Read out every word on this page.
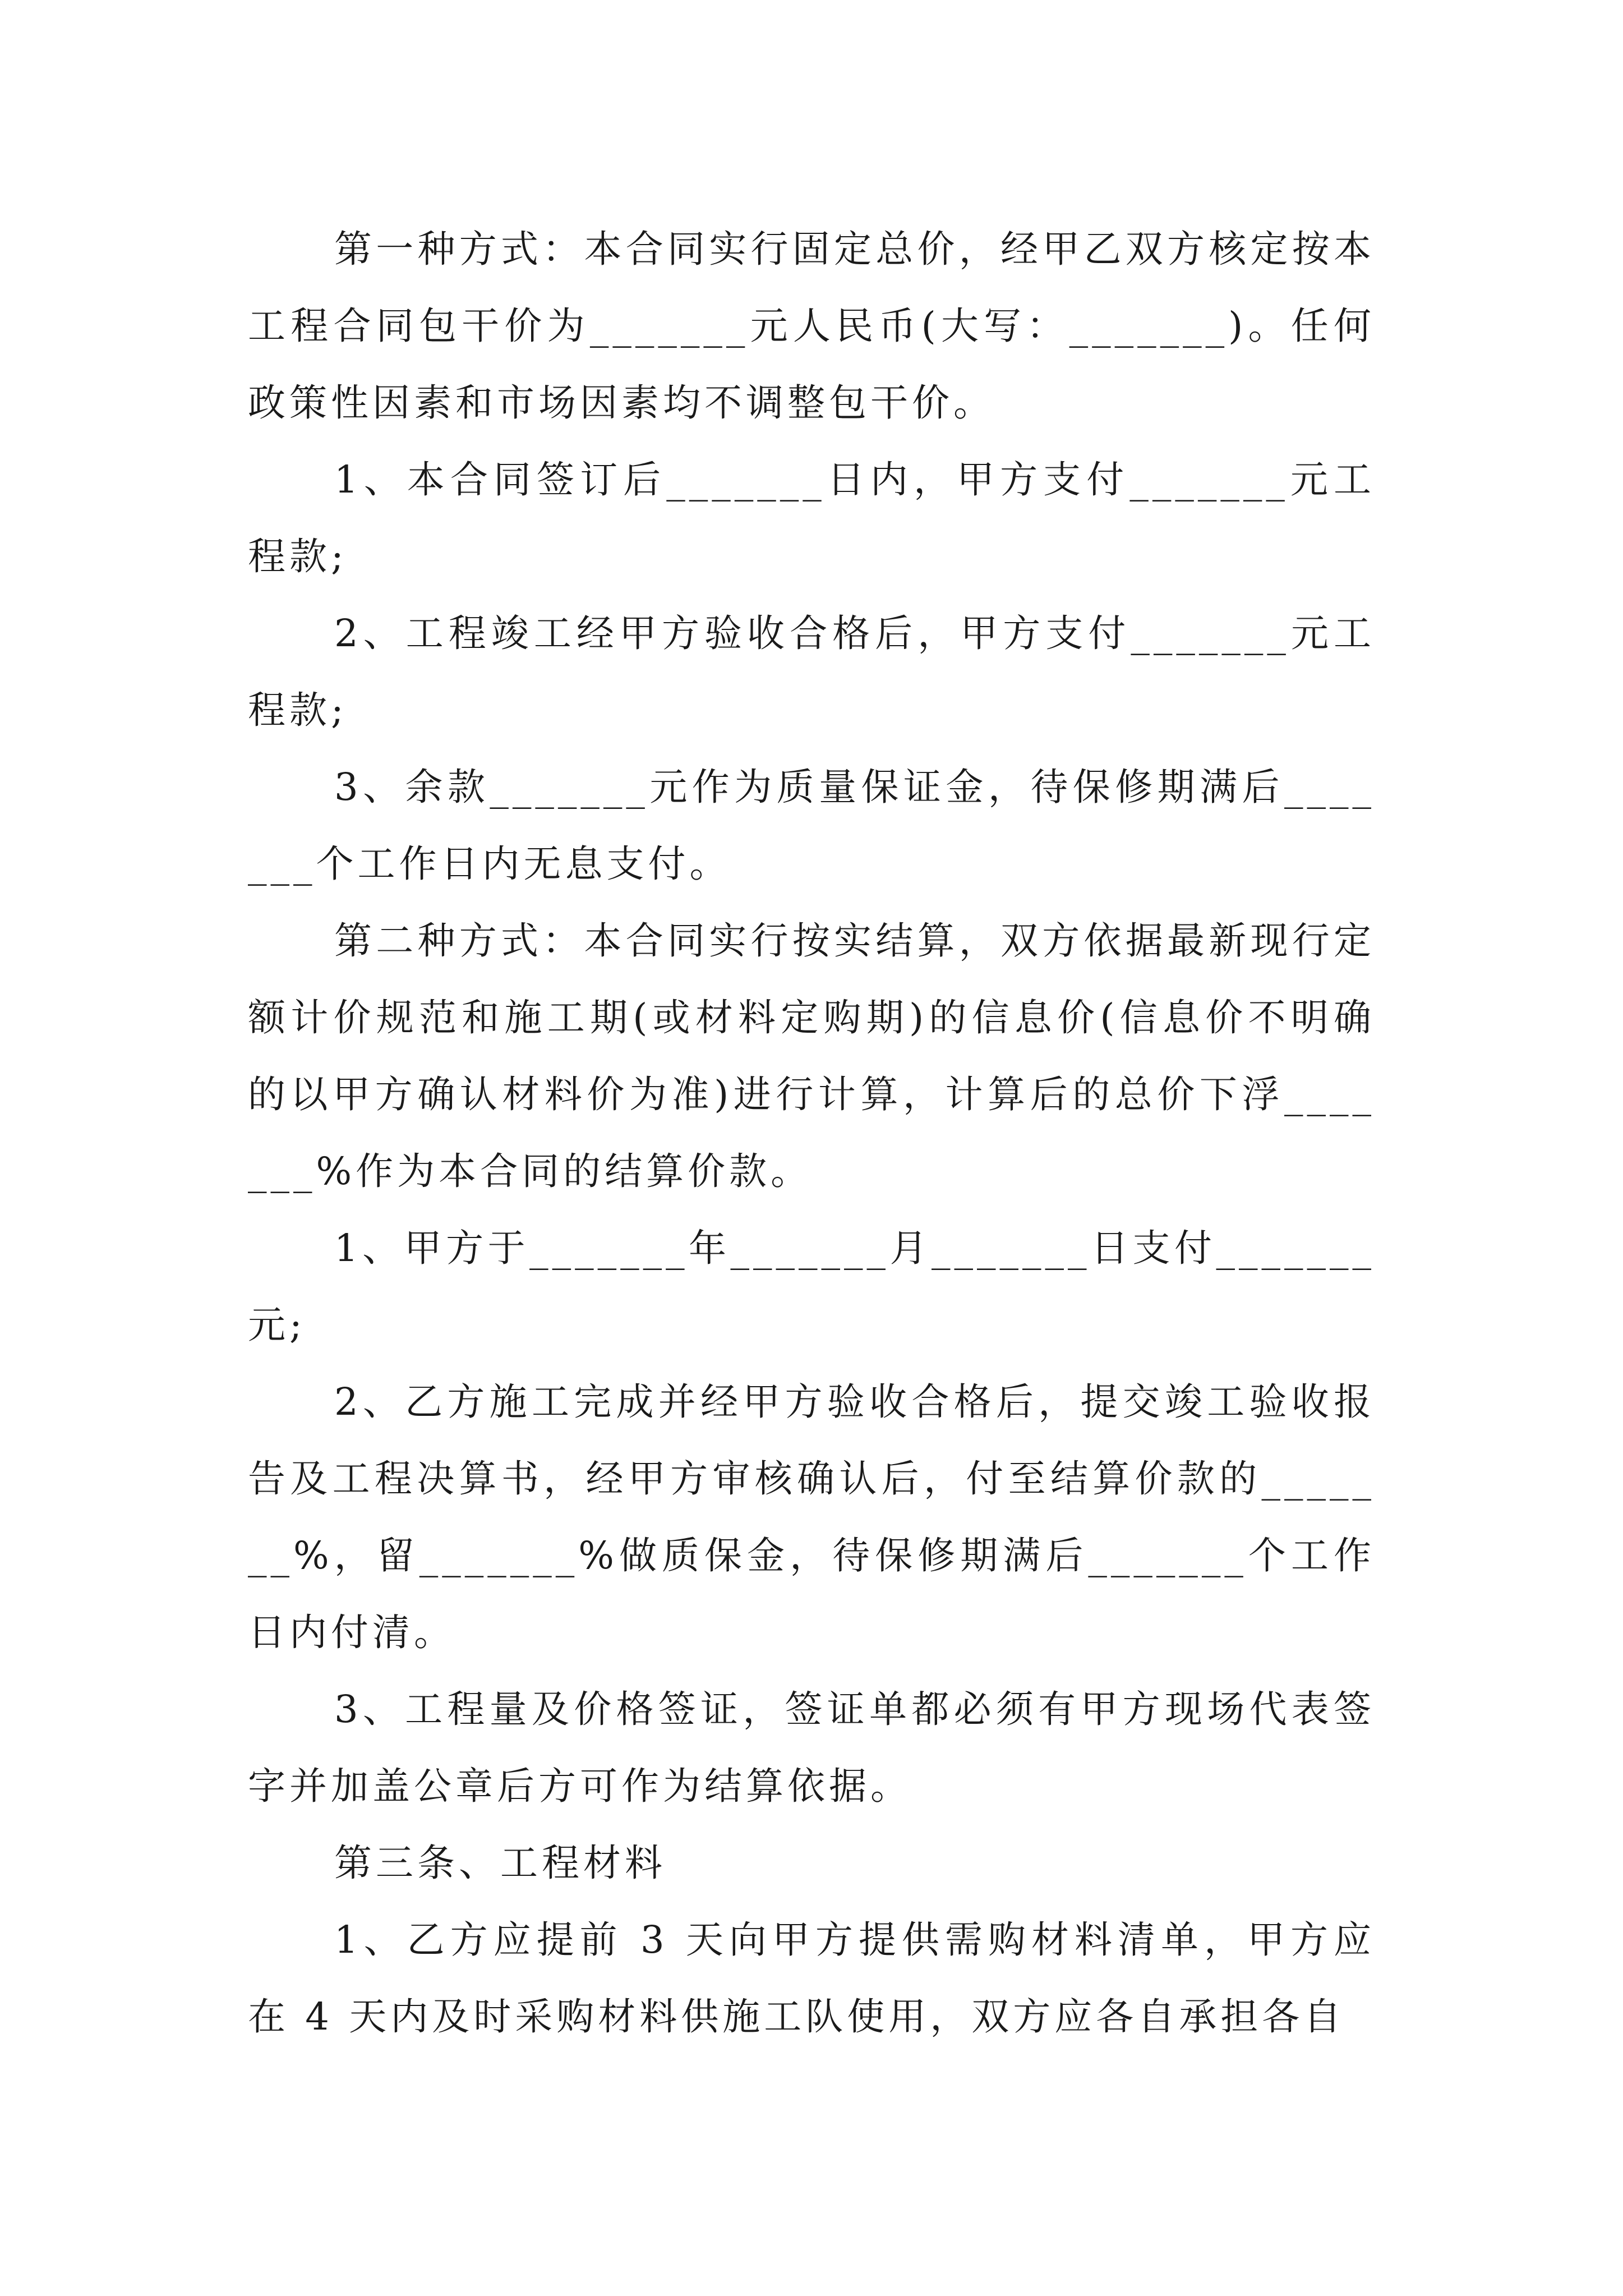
第一种方式：本合同实行固定总价，经甲乙双方核定按本工程合同包干价为_______元人民币(大写：_______)。任何政策性因素和市场因素均不调整包干价。

1、本合同签订后_______日内，甲方支付_______元工程款;

2、工程竣工经甲方验收合格后，甲方支付_______元工程款;

3、余款_______元作为质量保证金，待保修期满后_______个工作日内无息支付。

第二种方式：本合同实行按实结算，双方依据最新现行定额计价规范和施工期(或材料定购期)的信息价(信息价不明确的以甲方确认材料价为准)进行计算，计算后的总价下浮_______%作为本合同的结算价款。

1、甲方于_______年_______月_______日支付_______元;

2、乙方施工完成并经甲方验收合格后，提交竣工验收报告及工程决算书，经甲方审核确认后，付至结算价款的_______%，留_______%做质保金，待保修期满后_______个工作日内付清。

3、工程量及价格签证，签证单都必须有甲方现场代表签字并加盖公章后方可作为结算依据。

第三条、工程材料

1、乙方应提前 3 天向甲方提供需购材料清单，甲方应在 4 天内及时采购材料供施工队使用，双方应各自承担各自
